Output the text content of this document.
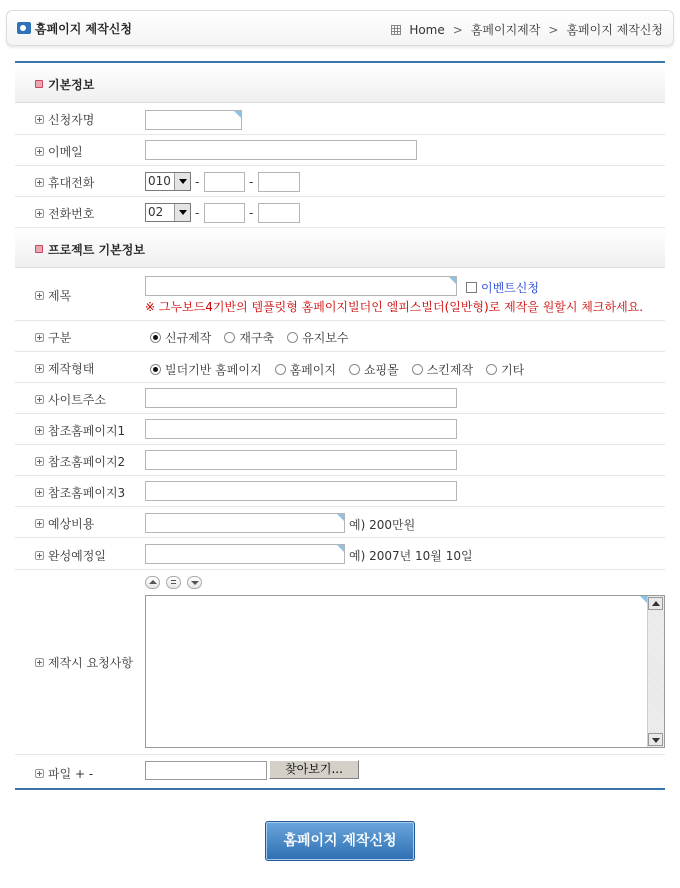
홈페이지 제작신청	Home > 홈페이지제작 > 홈페이지 제작신청
기본정보
신청자명
이메일
휴대전화	010	-	-
전화번호	02	-	-
프로젝트 기본정보
제목
이벤트신청
※ 그누보드4기반의 템플릿형 홈페이지빌더인 엘피스빌더(일반형)로 제작을 원할시 체크하세요.
구분	신규제작 재구축 유지보수
제작형태	빌더기반 홈페이지 홈페이지 쇼핑몰 스킨제작 기타
사이트주소
참조홈페이지1
참조홈페이지2
참조홈페이지3
예상비용	예) 200만원
완성예정일	예) 2007년 10월 10일
제작시 요청사항
파일 + -	찾아보기...
홈페이지 제작신청
